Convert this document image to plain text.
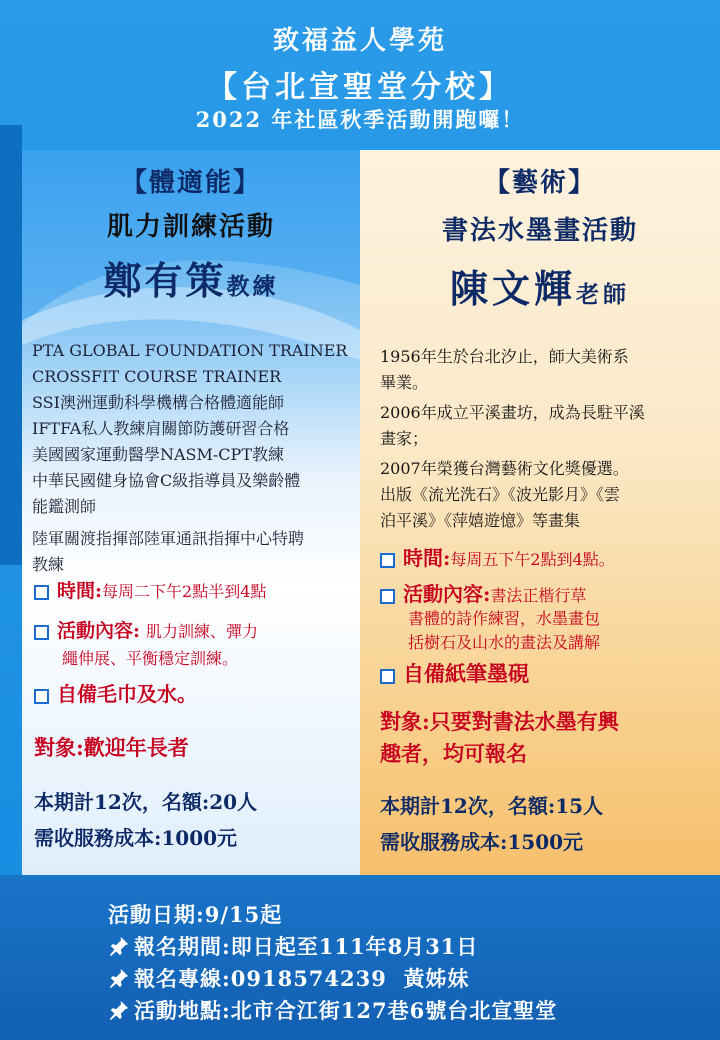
致福益人學苑
【台北宣聖堂分校】
2022 年社區秋季活動開跑囉！
【體適能】
肌力訓練活動
鄭有策教練
PTA GLOBAL FOUNDATION TRAINER
CROSSFIT COURSE TRAINER
SSI澳洲運動科學機構合格體適能師
IFTFA私人教練肩關節防護研習合格
美國國家運動醫學NASM-CPT教練
中華民國健身協會C級指導員及樂齡體
能鑑測師
陸軍關渡指揮部陸軍通訊指揮中心特聘
教練
時間:每周二下午2點半到4點
活動內容: 肌力訓練、彈力
繩伸展、平衡穩定訓練。
自備毛巾及水。
對象:歡迎年長者
本期計12次，名額:20人
需收服務成本:1000元
【藝術】
書法水墨畫活動
陳文輝老師
1956年生於台北汐止，師大美術系
畢業。
2006年成立平溪畫坊，成為長駐平溪
畫家；
2007年榮獲台灣藝術文化獎優選。
出版《流光洗石》《波光影月》《雲
泊平溪》《萍嬉遊憶》等畫集
時間:每周五下午2點到4點。
活動內容:書法正楷行草
書體的詩作練習，水墨畫包
括樹石及山水的畫法及講解
自備紙筆墨硯
對象:只要對書法水墨有興
趣者，均可報名
本期計12次，名額:15人
需收服務成本:1500元
活動日期:9/15起
報名期間:即日起至111年8月31日
報名專線:0918574239  黃姊妹
活動地點:北市合江街127巷6號台北宣聖堂
